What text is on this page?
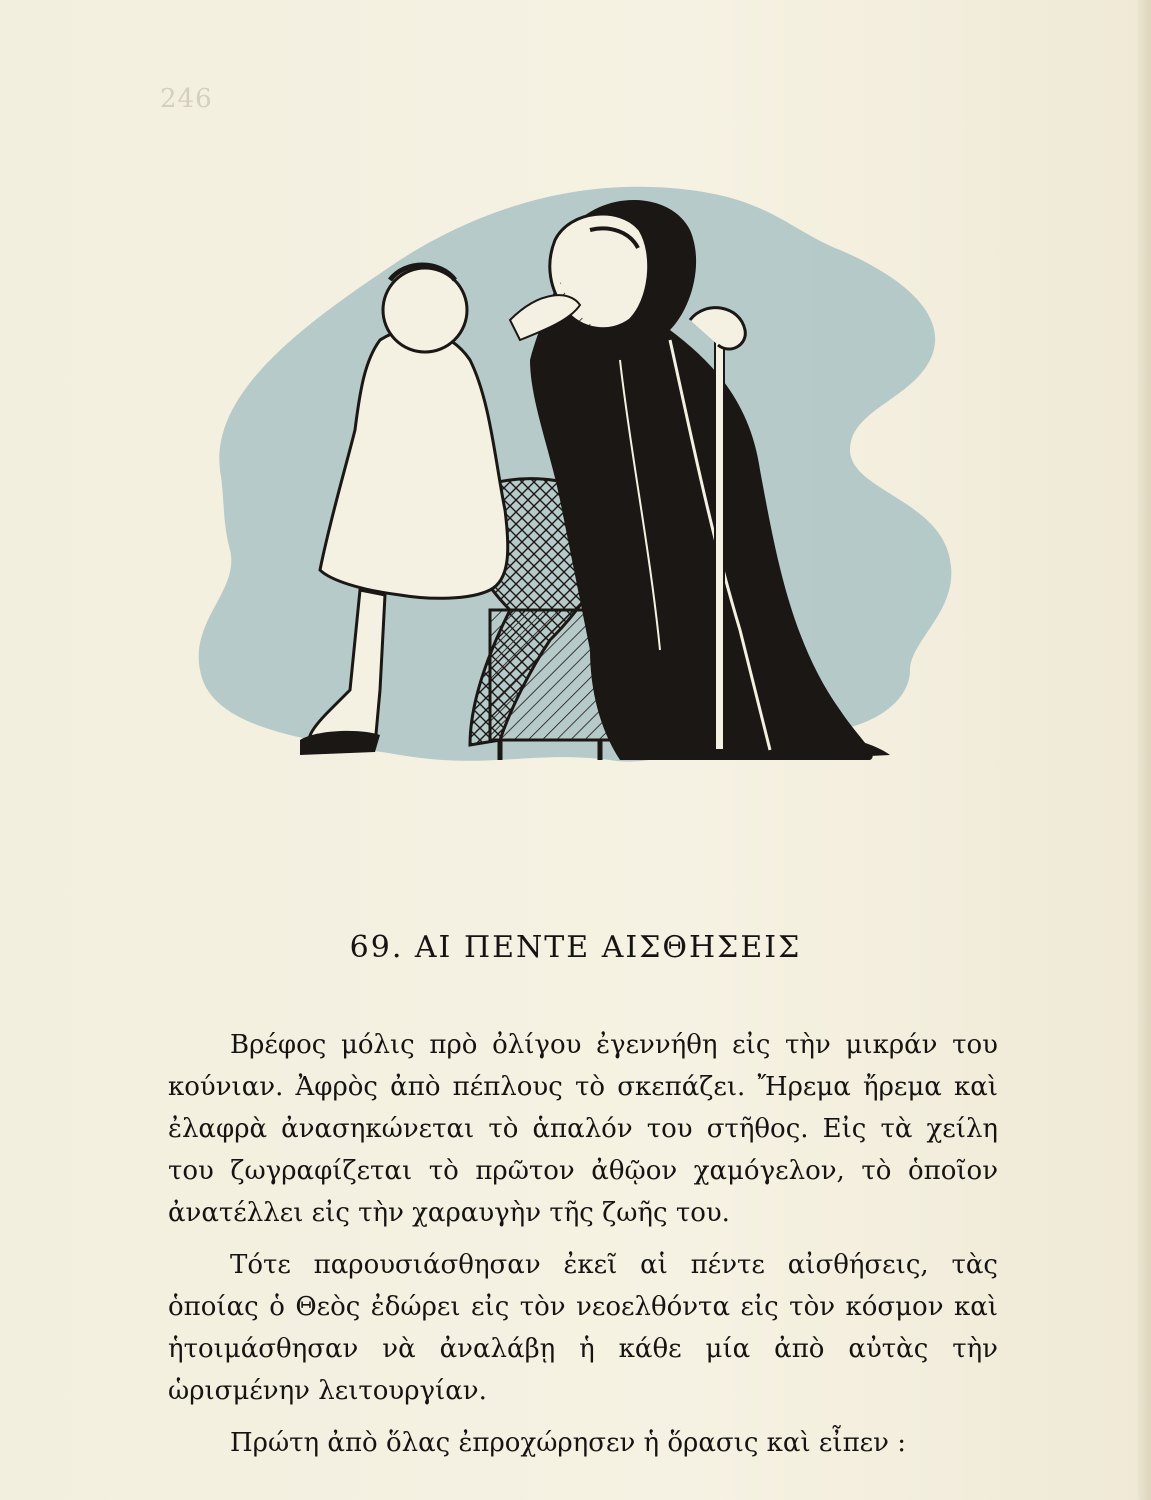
246
69. ΑΙ ΠΕΝΤΕ ΑΙΣΘΗΣΕΙΣ

Βρέφος μόλις πρὸ ὀλίγου ἐγεννήθη εἰς τὴν μικράν του κούνιαν. Ἀφρὸς ἀπὸ πέπλους τὸ σκεπάζει. Ἤρεμα ἤρεμα καὶ ἐλαφρὰ ἀνασηκώνεται τὸ ἁπαλόν του στῆθος. Εἰς τὰ χείλη του ζωγραφίζεται τὸ πρῶτον ἀθῷον χαμόγελον, τὸ ὁποῖον ἀνατέλλει εἰς τὴν χαραυγὴν τῆς ζωῆς του.

Τότε παρουσιάσθησαν ἐκεῖ αἱ πέντε αἰσθήσεις, τὰς ὁποίας ὁ Θεὸς ἐδώρει εἰς τὸν νεοελθόντα εἰς τὸν κόσμον καὶ ἡτοιμάσθησαν νὰ ἀναλάβῃ ἡ κάθε μία ἀπὸ αὐτὰς τὴν ὡρισμένην λειτουργίαν.

Πρώτη ἀπὸ ὅλας ἐπροχώρησεν ἡ ὅρασις καὶ εἶπεν :
